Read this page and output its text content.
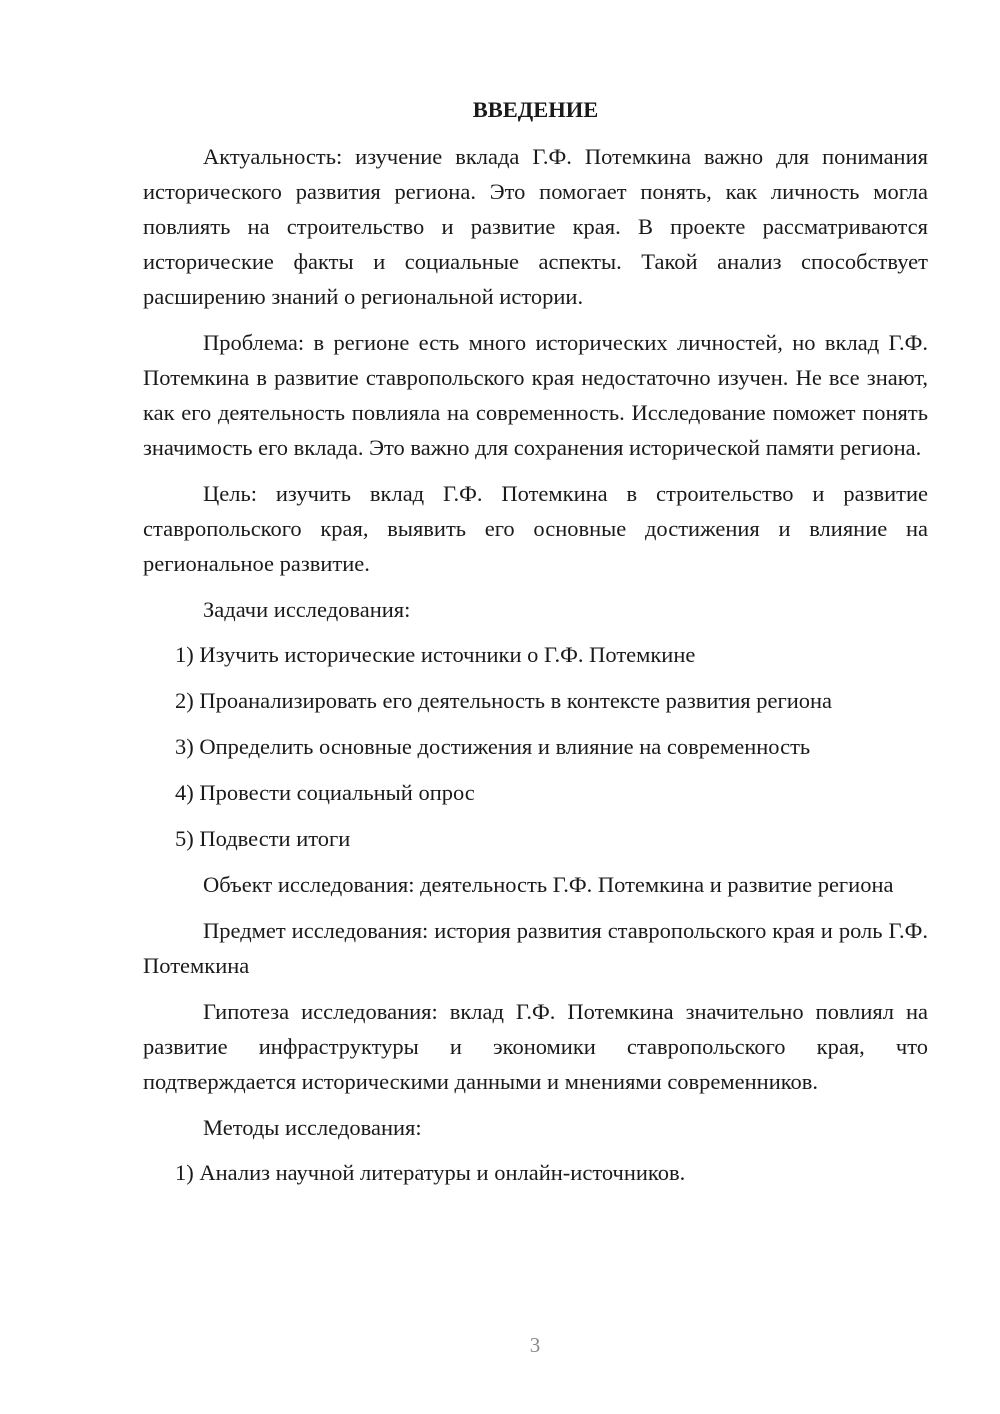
ВВЕДЕНИЕ

Актуальность: изучение вклада Г.Ф. Потемкина важно для понимания исторического развития региона. Это помогает понять, как личность могла повлиять на строительство и развитие края. В проекте рассматриваются исторические факты и социальные аспекты. Такой анализ способствует расширению знаний о региональной истории.

Проблема: в регионе есть много исторических личностей, но вклад Г.Ф. Потемкина в развитие ставропольского края недостаточно изучен. Не все знают, как его деятельность повлияла на современность. Исследование поможет понять значимость его вклада. Это важно для сохранения исторической памяти региона.

Цель: изучить вклад Г.Ф. Потемкина в строительство и развитие ставропольского края, выявить его основные достижения и влияние на региональное развитие.

Задачи исследования:

1) Изучить исторические источники о Г.Ф. Потемкине

2) Проанализировать его деятельность в контексте развития региона

3) Определить основные достижения и влияние на современность

4) Провести социальный опрос

5) Подвести итоги

Объект исследования: деятельность Г.Ф. Потемкина и развитие региона

Предмет исследования: история развития ставропольского края и роль Г.Ф. Потемкина

Гипотеза исследования: вклад Г.Ф. Потемкина значительно повлиял на развитие инфраструктуры и экономики ставропольского края, что подтверждается историческими данными и мнениями современников.

Методы исследования:

1) Анализ научной литературы и онлайн-источников.

3
